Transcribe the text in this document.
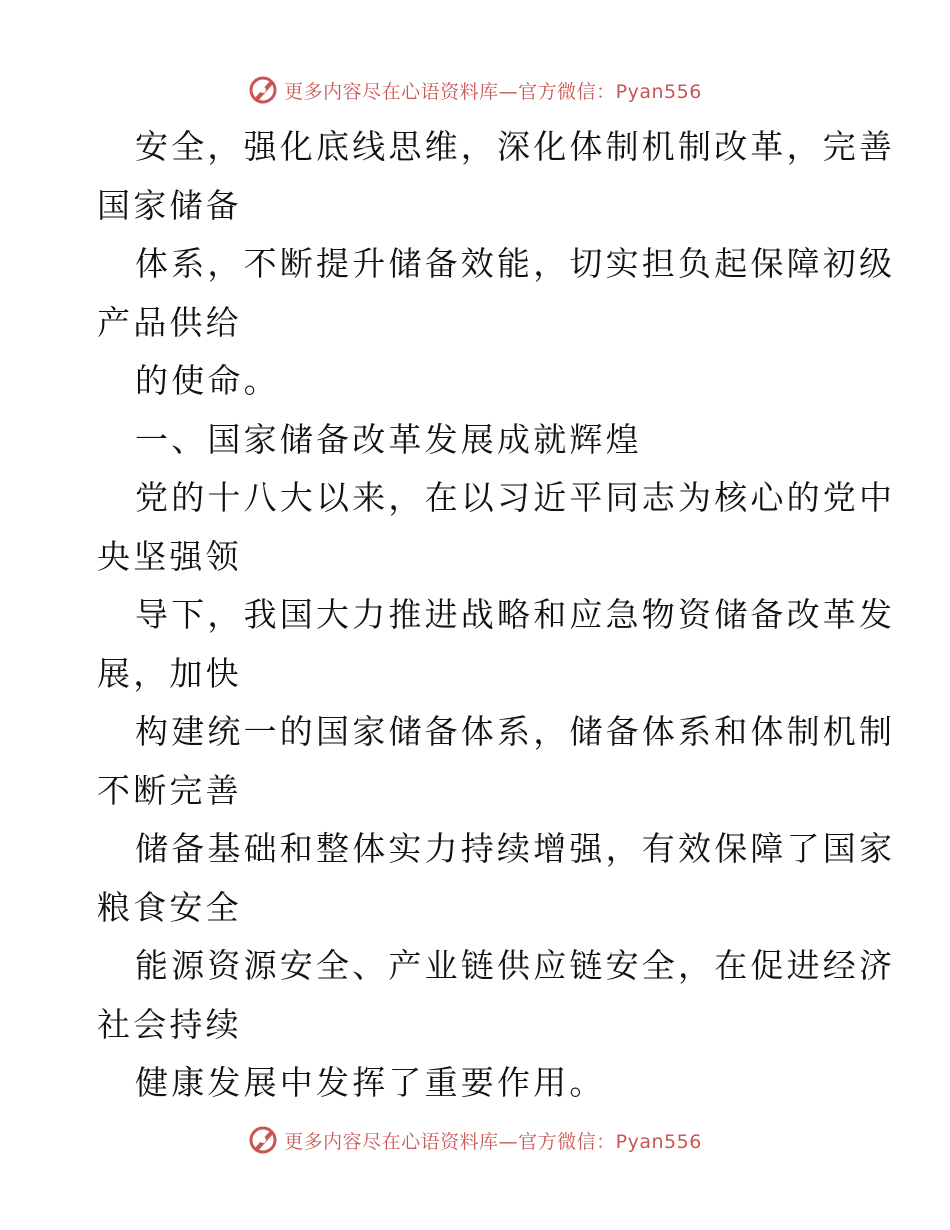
更多内容尽在心语资料库—官方微信：Pyan556

安全，强化底线思维，深化体制机制改革，完善

国家储备

体系，不断提升储备效能，切实担负起保障初级

产品供给

的使命。

一、国家储备改革发展成就辉煌

党的十八大以来，在以习近平同志为核心的党中

央坚强领

导下，我国大力推进战略和应急物资储备改革发

展，加快

构建统一的国家储备体系，储备体系和体制机制

不断完善

储备基础和整体实力持续增强，有效保障了国家

粮食安全

能源资源安全、产业链供应链安全，在促进经济

社会持续

健康发展中发挥了重要作用。

更多内容尽在心语资料库—官方微信：Pyan556
